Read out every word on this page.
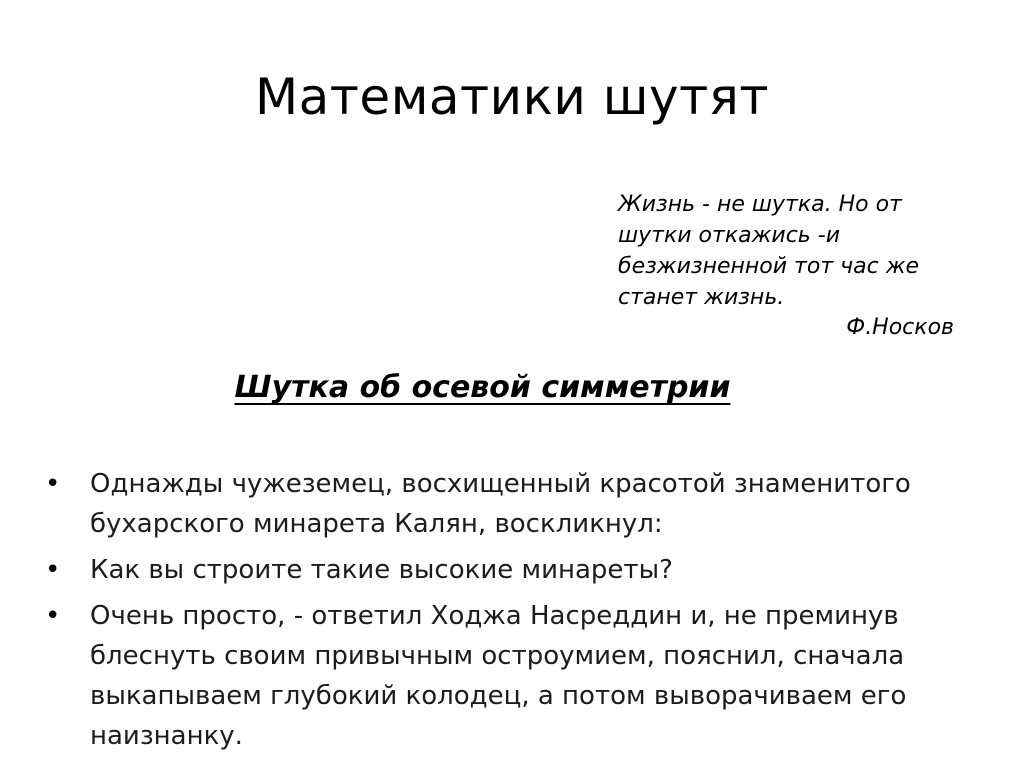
Математики шутят
Жизнь - не шутка. Но от
шутки откажись -и
безжизненной тот час же
станет жизнь.
Ф.Носков
Шутка об осевой симметрии
•	Однажды чужеземец, восхищенный красотой знаменитого
бухарского минарета Калян, воскликнул:
•	Как вы строите такие высокие минареты?
•	Очень просто, - ответил Ходжа Насреддин и, не преминув
блеснуть своим привычным остроумием, пояснил, сначала
выкапываем глубокий колодец, а потом выворачиваем его
наизнанку.
